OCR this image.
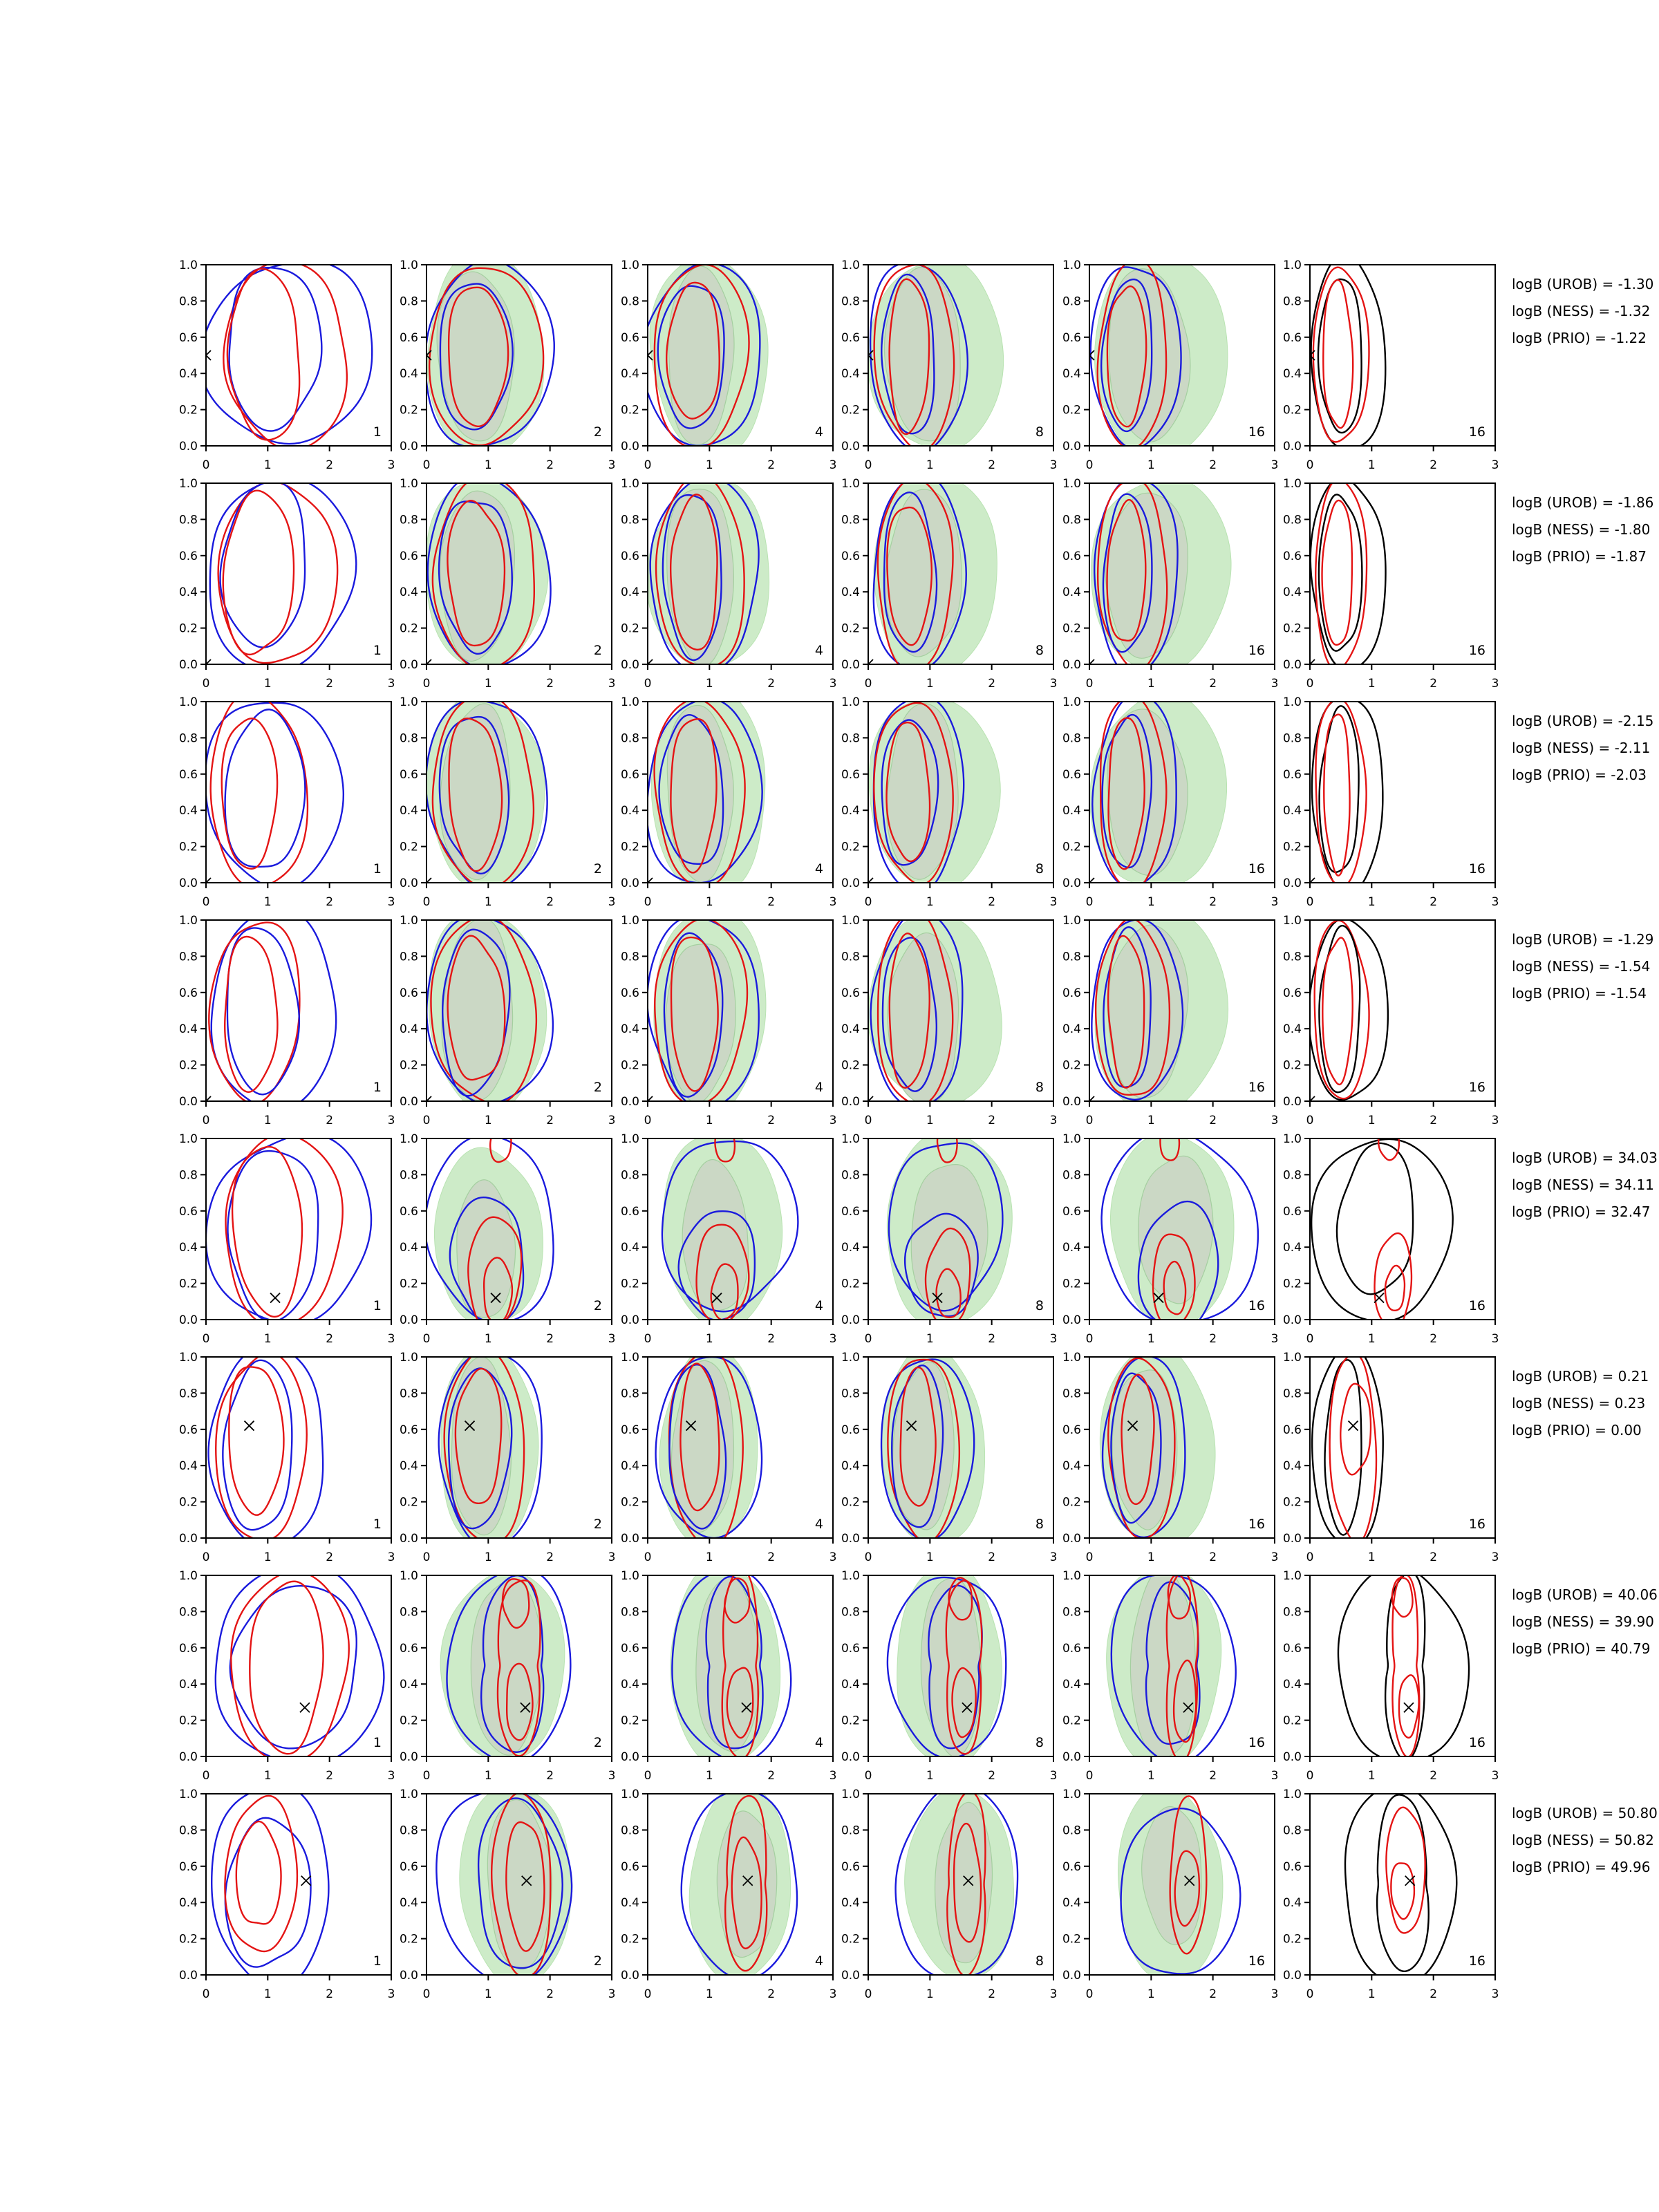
0	1	2	3
0.0
0.2
0.4
0.6
0.8
1.0
1
0	1	2	3
0.0
0.2
0.4
0.6
0.8
1.0
2
0	1	2	3
0.0
0.2
0.4
0.6
0.8
1.0
4
0	1	2	3
0.0
0.2
0.4
0.6
0.8
1.0
8
0	1	2	3
0.0
0.2
0.4
0.6
0.8
1.0
16
0	1	2	3
0.0
0.2
0.4
0.6
0.8
1.0
16
logB (UROB) = -1.30
logB (NESS) = -1.32
logB (PRIO) = -1.22
0	1	2	3
0.0
0.2
0.4
0.6
0.8
1.0
1
0	1	2	3
0.0
0.2
0.4
0.6
0.8
1.0
2
0	1	2	3
0.0
0.2
0.4
0.6
0.8
1.0
4
0	1	2	3
0.0
0.2
0.4
0.6
0.8
1.0
8
0	1	2	3
0.0
0.2
0.4
0.6
0.8
1.0
16
0	1	2	3
0.0
0.2
0.4
0.6
0.8
1.0
16
logB (UROB) = -1.86
logB (NESS) = -1.80
logB (PRIO) = -1.87
0	1	2	3
0.0
0.2
0.4
0.6
0.8
1.0
1
0	1	2	3
0.0
0.2
0.4
0.6
0.8
1.0
2
0	1	2	3
0.0
0.2
0.4
0.6
0.8
1.0
4
0	1	2	3
0.0
0.2
0.4
0.6
0.8
1.0
8
0	1	2	3
0.0
0.2
0.4
0.6
0.8
1.0
16
0	1	2	3
0.0
0.2
0.4
0.6
0.8
1.0
16
logB (UROB) = -2.15
logB (NESS) = -2.11
logB (PRIO) = -2.03
0	1	2	3
0.0
0.2
0.4
0.6
0.8
1.0
1
0	1	2	3
0.0
0.2
0.4
0.6
0.8
1.0
2
0	1	2	3
0.0
0.2
0.4
0.6
0.8
1.0
4
0	1	2	3
0.0
0.2
0.4
0.6
0.8
1.0
8
0	1	2	3
0.0
0.2
0.4
0.6
0.8
1.0
16
0	1	2	3
0.0
0.2
0.4
0.6
0.8
1.0
16
logB (UROB) = -1.29
logB (NESS) = -1.54
logB (PRIO) = -1.54
0	1	2	3
0.0
0.2
0.4
0.6
0.8
1.0
1
0	1	2	3
0.0
0.2
0.4
0.6
0.8
1.0
2
0	1	2	3
0.0
0.2
0.4
0.6
0.8
1.0
4
0	1	2	3
0.0
0.2
0.4
0.6
0.8
1.0
8
0	1	2	3
0.0
0.2
0.4
0.6
0.8
1.0
16
0	1	2	3
0.0
0.2
0.4
0.6
0.8
1.0
16
logB (UROB) = 34.03
logB (NESS) = 34.11
logB (PRIO) = 32.47
0	1	2	3
0.0
0.2
0.4
0.6
0.8
1.0
1
0	1	2	3
0.0
0.2
0.4
0.6
0.8
1.0
2
0	1	2	3
0.0
0.2
0.4
0.6
0.8
1.0
4
0	1	2	3
0.0
0.2
0.4
0.6
0.8
1.0
8
0	1	2	3
0.0
0.2
0.4
0.6
0.8
1.0
16
0	1	2	3
0.0
0.2
0.4
0.6
0.8
1.0
16
logB (UROB) = 0.21
logB (NESS) = 0.23
logB (PRIO) = 0.00
0	1	2	3
0.0
0.2
0.4
0.6
0.8
1.0
1
0	1	2	3
0.0
0.2
0.4
0.6
0.8
1.0
2
0	1	2	3
0.0
0.2
0.4
0.6
0.8
1.0
4
0	1	2	3
0.0
0.2
0.4
0.6
0.8
1.0
8
0	1	2	3
0.0
0.2
0.4
0.6
0.8
1.0
16
0	1	2	3
0.0
0.2
0.4
0.6
0.8
1.0
16
logB (UROB) = 40.06
logB (NESS) = 39.90
logB (PRIO) = 40.79
0	1	2	3
0.0
0.2
0.4
0.6
0.8
1.0
1
0	1	2	3
0.0
0.2
0.4
0.6
0.8
1.0
2
0	1	2	3
0.0
0.2
0.4
0.6
0.8
1.0
4
0	1	2	3
0.0
0.2
0.4
0.6
0.8
1.0
8
0	1	2	3
0.0
0.2
0.4
0.6
0.8
1.0
16
0	1	2	3
0.0
0.2
0.4
0.6
0.8
1.0
16
logB (UROB) = 50.80
logB (NESS) = 50.82
logB (PRIO) = 49.96
